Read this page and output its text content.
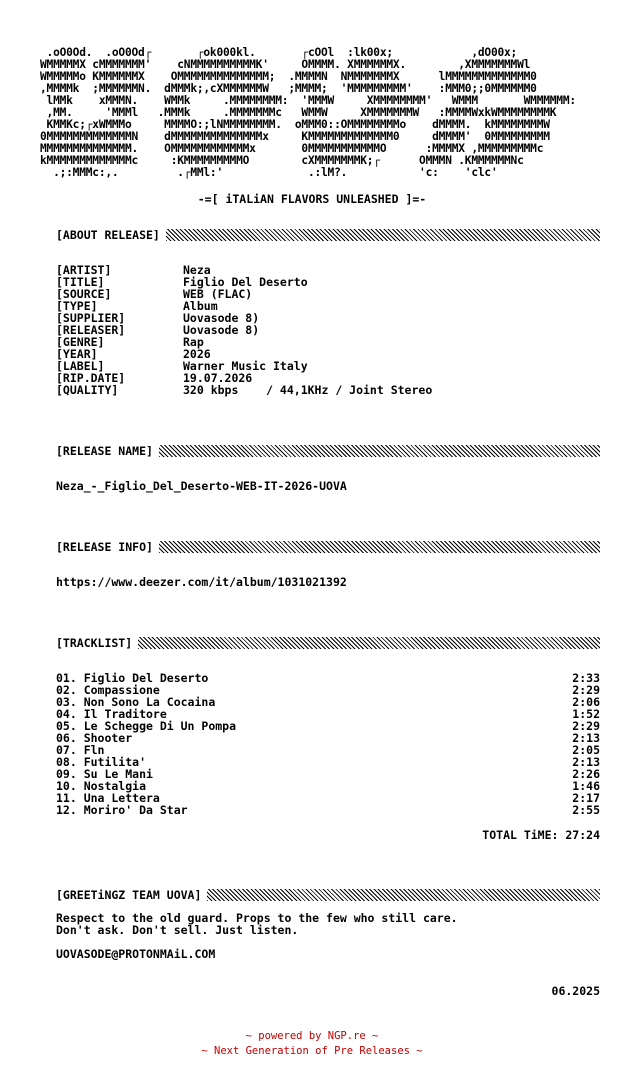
.oO0Od.  .oO0Od┌       ┌ok000kl.       ┌cOOl  :lk00x;            ,dO00x;
WMMMMMX cMMMMMMM'    cNMMMMMMMMMMK'     OMMMM. XMMMMMMX.        ,XMMMMMMMWl
WMMMMMo KMMMMMMX    OMMMMMMMMMMMMMM;  .MMMMN  NMMMMMMMX      lMMMMMMMMMMMMM0
,MMMMk  ;MMMMMMN.  dMMMk;,cXMMMMMMW   ;MMMM;  'MMMMMMMMM'    :MMM0;;0MMMMMM0
lMMk    xMMMN.    WMMk     .MMMMMMMM:  'MMMW     XMMMMMMMM'   WMMM       WMMMMMM:
,MM.     'MMMl   .MMMk     .MMMMMMMc   WMMW     XMMMMMMMW   :MMMMWxkWMMMMMMMMK
KMMKc;┌xWMMMo     MMMMO:;lNMMMMMMMM.  oMMM0::OMMMMMMMMo    dMMMM.  kMMMMMMMMW
0MMMMMMMMMMMMMN    dMMMMMMMMMMMMMMx     KMMMMMMMMMMMMM0     dMMMM'  0MMMMMMMMM
MMMMMMMMMMMMMM.    OMMMMMMMMMMMMx       0MMMMMMMMMMMO      :MMMMX ,MMMMMMMMMc
kMMMMMMMMMMMMMc     :KMMMMMMMMMO        cXMMMMMMMK;┌      OMMMN .KMMMMMMNc
.;:MMMc:,.         .┌MMl:'             .:lM?.           'c:    'clc'
-=[ iTALiAN FLAVORS UNLEASHED ]=-
[ABOUT RELEASE]
[ARTIST]	Neza
[TITLE]	Figlio Del Deserto
[SOURCE]	WEB (FLAC)
[TYPE]	Album
[SUPPLIER]	Uovasode 8)
[RELEASER]	Uovasode 8)
[GENRE]	Rap
[YEAR]	2026
[LABEL]	Warner Music Italy
[RIP.DATE]	19.07.2026
[QUALITY]	320 kbps    / 44,1KHz / Joint Stereo
[RELEASE NAME]
Neza_-_Figlio_Del_Deserto-WEB-IT-2026-UOVA
[RELEASE INFO]
https://www.deezer.com/it/album/1031021392
[TRACKLIST]
01. Figlio Del Deserto	2:33
02. Compassione	2:29
03. Non Sono La Cocaina	2:06
04. Il Traditore	1:52
05. Le Schegge Di Un Pompa	2:29
06. Shooter	2:13
07. Fln	2:05
08. Futilita'	2:13
09. Su Le Mani	2:26
10. Nostalgia	1:46
11. Una Lettera	2:17
12. Moriro' Da Star	2:55
TOTAL TiME: 27:24
[GREETiNGZ TEAM UOVA]
Respect to the old guard. Props to the few who still care.
Don't ask. Don't sell. Just listen.
UOVASODE@PROTONMAiL.COM
06.2025
~ powered by NGP.re ~
~ Next Generation of Pre Releases ~
